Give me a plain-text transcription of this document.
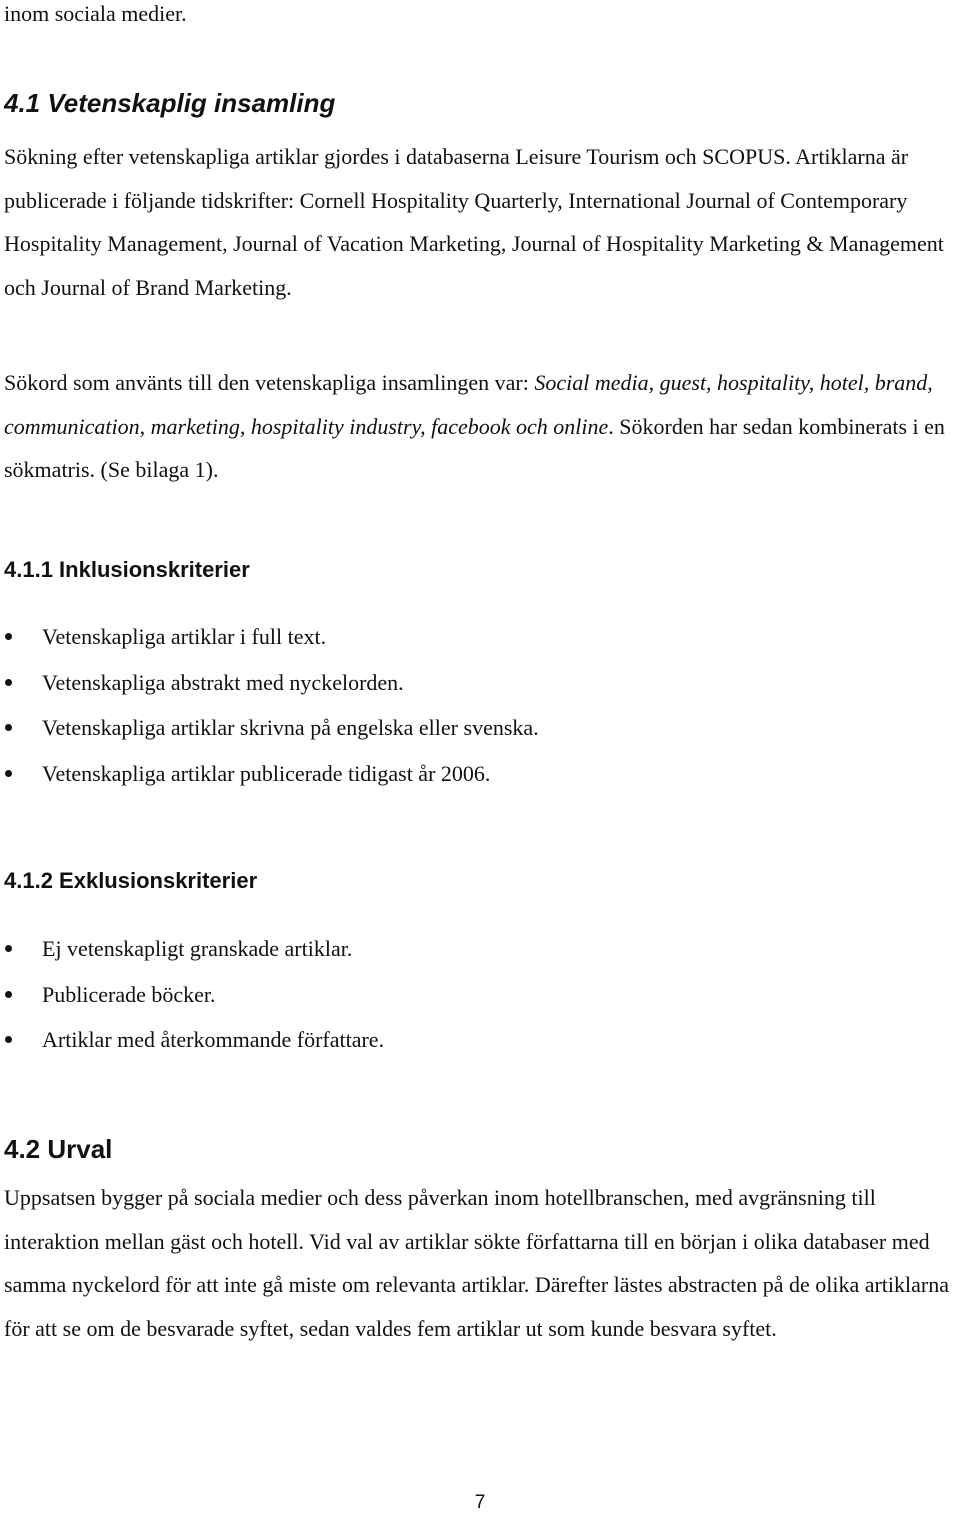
inom sociala medier.

4.1 Vetenskaplig insamling

Sökning efter vetenskapliga artiklar gjordes i databaserna Leisure Tourism och SCOPUS. Artiklarna är publicerade i följande tidskrifter: Cornell Hospitality Quarterly, International Journal of Contemporary Hospitality Management, Journal of Vacation Marketing, Journal of Hospitality Marketing & Management och Journal of Brand Marketing.

Sökord som använts till den vetenskapliga insamlingen var: Social media, guest, hospitality, hotel, brand, communication, marketing, hospitality industry, facebook och online. Sökorden har sedan kombinerats i en sökmatris. (Se bilaga 1).

4.1.1 Inklusionskriterier
Vetenskapliga artiklar i full text.
Vetenskapliga abstrakt med nyckelorden.
Vetenskapliga artiklar skrivna på engelska eller svenska.
Vetenskapliga artiklar publicerade tidigast år 2006.
4.1.2 Exklusionskriterier
Ej vetenskapligt granskade artiklar.
Publicerade böcker.
Artiklar med återkommande författare.
4.2 Urval

Uppsatsen bygger på sociala medier och dess påverkan inom hotellbranschen, med avgränsning till interaktion mellan gäst och hotell. Vid val av artiklar sökte författarna till en början i olika databaser med samma nyckelord för att inte gå miste om relevanta artiklar. Därefter lästes abstracten på de olika artiklarna för att se om de besvarade syftet, sedan valdes fem artiklar ut som kunde besvara syftet.

7
